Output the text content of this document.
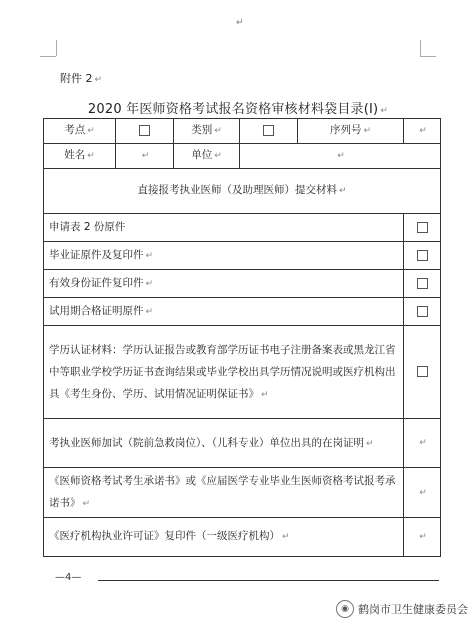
↵
附件 2 ↵
2020 年医师资格考试报名资格审核材料袋目录(I) ↵
考点 ↵		类别 ↵		序列号 ↵	↵
姓名 ↵	↵	单位 ↵	↵		
直接报考执业医师（及助理医师）提交材料 ↵					
申请表 2 份原件					
毕业证原件及复印件 ↵					
有效身份证件复印件 ↵					
试用期合格证明原件 ↵					
学历认证材料：学历认证报告或教育部学历证书电子注册备案表或黑龙江省中等职业学校学历证书查询结果或毕业学校出具学历情况说明或医疗机构出具《考生身份、学历、试用情况证明保证书》 ↵					
考执业医师加试（院前急救岗位）、（儿科专业）单位出具的在岗证明 ↵					↵
《医师资格考试考生承诺书》或《应届医学专业毕业生医师资格考试报考承诺书》 ↵					↵
《医疗机构执业许可证》复印件（一级医疗机构） ↵					↵
—4—
◉ 鹤岗市卫生健康委员会
